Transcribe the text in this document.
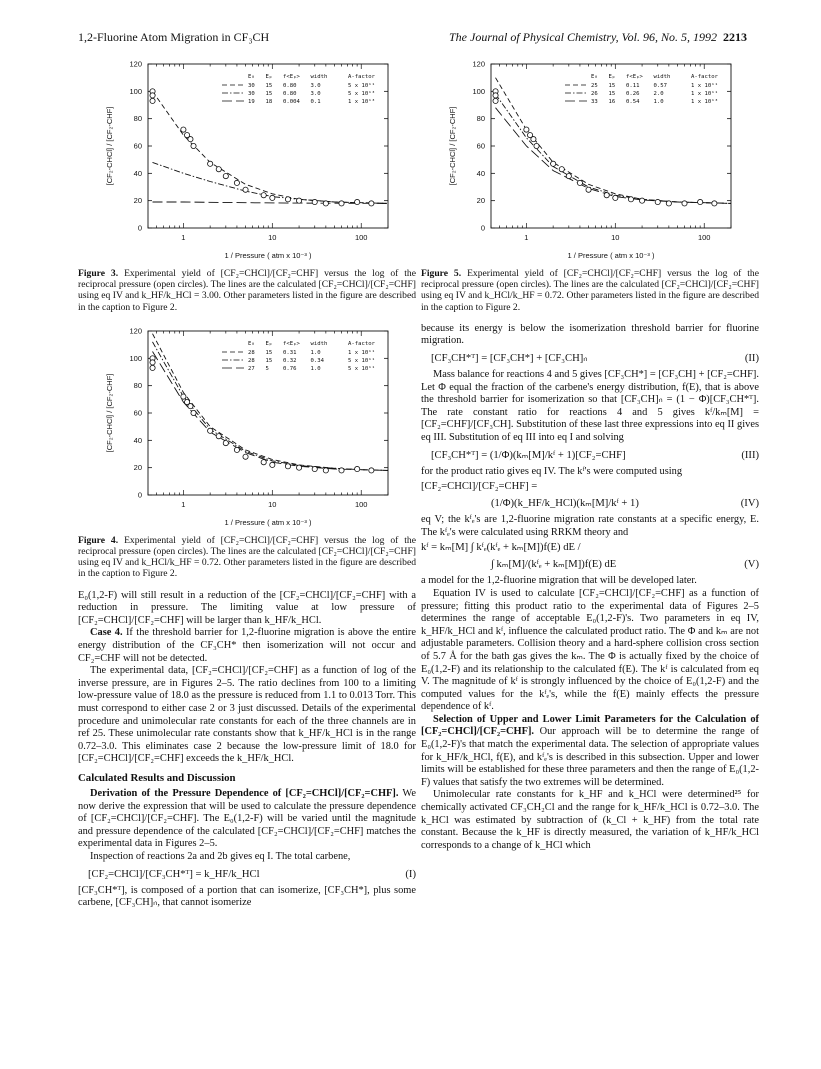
1,2-Fluorine Atom Migration in CF₃CH	The Journal of Physical Chemistry, Vol. 96, No. 5, 1992 2213
0
20
40
60
80
100
120
1	10	100
1 / Pressure ( atm x 10⁻³ )
[CF₂-CHCl] / [CF₂-CHF]
E₀ Eₚ f<Eₚ> width	A-factor
30 15 0.80	3.0	5 x 10¹¹
30 15 0.80	3.0	5 x 10¹³
19 18 0.004 0.1	1 x 10¹³
Figure 3. Experimental yield of [CF₂=CHCl]/[CF₂=CHF] versus the log of the reciprocal pressure (open circles). The lines are the calculated [CF₂=CHCl]/[CF₂=CHF] using eq IV and k_HF/k_HCl = 3.00. Other parameters listed in the figure are described in the caption to Figure 2.
0
20
40
60
80
100
120
1	10	100
1 / Pressure ( atm x 10⁻³ )
[CF₂-CHCl] / [CF₂-CHF]
E₀ Eₚ f<Eₚ> width	A-factor
28 15 0.31	1.0	1 x 10¹¹
28 15 0.32	0.34	5 x 10¹¹
27 5	0.76	1.0	5 x 10¹¹
Figure 4. Experimental yield of [CF₂=CHCl]/[CF₂=CHF] versus the log of the reciprocal pressure (open circles). The lines are the calculated [CF₂=CHCl]/[CF₂=CHF] using eq IV and k_HCl/k_HF = 0.72. Other parameters listed in the figure are described in the caption to Figure 2.

E₀(1,2-F) will still result in a reduction of the [CF₂=CHCl]/[CF₂=CHF] with a reduction in pressure. The limiting value at low pressure of [CF₂=CHCl]/[CF₂=CHF] will be larger than k_HF/k_HCl.

Case 4. If the threshold barrier for 1,2-fluorine migration is above the entire energy distribution of the CF₃CH* then isomerization will not occur and CF₂=CHF will not be detected.

The experimental data, [CF₂=CHCl]/[CF₂=CHF] as a function of log of the inverse pressure, are in Figures 2–5. The ratio declines from 100 to a limiting low-pressure value of 18.0 as the pressure is reduced from 1.1 to 0.013 Torr. This must correspond to either case 2 or 3 just discussed. Details of the experimental procedure and unimolecular rate constants for each of the three channels are in ref 25. These unimolecular rate constants show that k_HF/k_HCl is in the range 0.72–3.0. This eliminates case 2 because the low-pressure limit of 18.0 for [CF₂=CHCl]/[CF₂=CHF] exceeds the k_HF/k_HCl.

Calculated Results and Discussion

Derivation of the Pressure Dependence of [CF₂=CHCl]/[CF₂=CHF]. We now derive the expression that will be used to calculate the pressure dependence of [CF₂=CHCl]/[CF₂=CHF]. The E₀(1,2-F) will be varied until the magnitude and pressure dependence of the calculated [CF₂=CHCl]/[CF₂=CHF] matches the experimental data in Figures 2–5.

Inspection of reactions 2a and 2b gives eq I. The total carbene,

[CF₂=CHCl]/[CF₃CH*ᵀ] = k_HF/k_HCl	(I)

[CF₃CH*ᵀ], is composed of a portion that can isomerize, [CF₃CH*], plus some carbene, [CF₃CH]ₙ, that cannot isomerize

0
20
40
60
80
100
120
1	10	100
1 / Pressure ( atm x 10⁻³ )
[CF₂-CHCl] / [CF₂-CHF]
E₀ Eₚ f<Eₚ> width	A-factor
25 15 0.11	0.57	1 x 10¹¹
26 15 0.26	2.0	1 x 10¹¹
33 16 0.54	1.0	1 x 10¹³
Figure 5. Experimental yield of [CF₂=CHCl]/[CF₂=CHF] versus the log of the reciprocal pressure (open circles). The lines are the calculated [CF₂=CHCl]/[CF₂=CHF] using eq IV and k_HCl/k_HF = 0.72. Other parameters listed in the figure are described in the caption to Figure 2.

because its energy is below the isomerization threshold barrier for fluorine migration.

[CF₃CH*ᵀ] = [CF₃CH*] + [CF₃CH]ₙ	(II)

Mass balance for reactions 4 and 5 gives [CF₃CH*] = [CF₃CH] + [CF₂=CHF]. Let Φ equal the fraction of the carbene's energy distribution, f(E), that is above the threshold barrier for isomerization so that [CF₃CH]ₙ = (1 − Φ)[CF₃CH*ᵀ]. The rate constant ratio for reactions 4 and 5 gives kᶠ/kₘ[M] = [CF₂=CHF]/[CF₃CH]. Substitution of these last three expressions into eq II gives eq III. Substitution of eq III into eq I and solving

[CF₃CH*ᵀ] = (1/Φ)(kₘ[M]/kᶠ + 1)[CF₂=CHF]	(III)

for the product ratio gives eq IV. The kᶠ's were computed using

[CF₂=CHCl]/[CF₂=CHF] =
(1/Φ)(k_HF/k_HCl)(kₘ[M]/kᶠ + 1)	(IV)

eq V; the kᶠₑ's are 1,2-fluorine migration rate constants at a specific energy, E. The kᶠₑ's were calculated using RRKM theory and

kᶠ = kₘ[M] ∫ kᶠₑ(kᶠₑ + kₘ[M])f(E) dE /
∫ kₘ[M]/(kᶠₑ + kₘ[M])f(E) dE	(V)

a model for the 1,2-fluorine migration that will be developed later.

Equation IV is used to calculate [CF₂=CHCl]/[CF₂=CHF] as a function of pressure; fitting this product ratio to the experimental data of Figures 2–5 determines the range of acceptable E₀(1,2-F)'s. Two parameters in eq IV, k_HF/k_HCl and kᶠ, influence the calculated product ratio. The Φ and kₘ are not adjustable parameters. Collision theory and a hard-sphere collision cross section of 5.7 Å for the bath gas gives the kₘ. The Φ is actually fixed by the choice of E₀(1,2-F) and its relationship to the calculated f(E). The kᶠ is calculated from eq V. The magnitude of kᶠ is strongly influenced by the choice of E₀(1,2-F) and the computed values for the kᶠₑ's, while the f(E) mainly effects the pressure dependence of kᶠ.

Selection of Upper and Lower Limit Parameters for the Calculation of [CF₂=CHCl]/[CF₂=CHF]. Our approach will be to determine the range of E₀(1,2-F)'s that match the experimental data. The selection of appropriate values for k_HF/k_HCl, f(E), and kᶠₑ's is described in this subsection. Upper and lower limits will be established for these three parameters and then the range of E₀(1,2-F) values that satisfy the two extremes will be determined.

Unimolecular rate constants for k_HF and k_HCl were determined²⁵ for chemically activated CF₃CH₂Cl and the range for k_HF/k_HCl is 0.72–3.0. The k_HCl was estimated by subtraction of (k_Cl + k_HF) from the total rate constant. Because the k_HF is directly measured, the variation of k_HF/k_HCl corresponds to a change of k_HCl which
